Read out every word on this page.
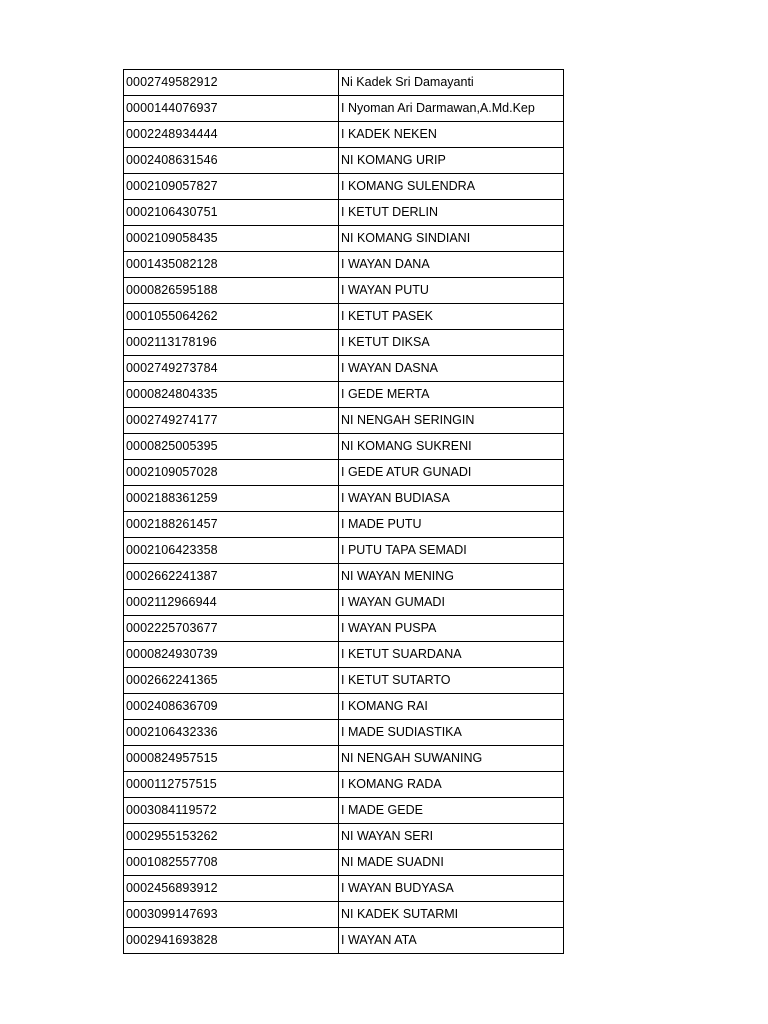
0002749582912	Ni Kadek Sri Damayanti
0000144076937	I Nyoman Ari Darmawan,A.Md.Kep
0002248934444	I KADEK NEKEN
0002408631546	NI KOMANG URIP
0002109057827	I KOMANG SULENDRA
0002106430751	I KETUT DERLIN
0002109058435	NI KOMANG SINDIANI
0001435082128	I WAYAN DANA
0000826595188	I WAYAN PUTU
0001055064262	I KETUT PASEK
0002113178196	I KETUT DIKSA
0002749273784	I WAYAN DASNA
0000824804335	I GEDE MERTA
0002749274177	NI NENGAH SERINGIN
0000825005395	NI KOMANG SUKRENI
0002109057028	I GEDE ATUR GUNADI
0002188361259	I WAYAN BUDIASA
0002188261457	I MADE PUTU
0002106423358	I PUTU TAPA SEMADI
0002662241387	NI WAYAN MENING
0002112966944	I WAYAN GUMADI
0002225703677	I WAYAN PUSPA
0000824930739	I KETUT SUARDANA
0002662241365	I KETUT SUTARTO
0002408636709	I KOMANG RAI
0002106432336	I MADE SUDIASTIKA
0000824957515	NI NENGAH SUWANING
0000112757515	I KOMANG RADA
0003084119572	I MADE GEDE
0002955153262	NI WAYAN SERI
0001082557708	NI MADE SUADNI
0002456893912	I WAYAN BUDYASA
0003099147693	NI KADEK SUTARMI
0002941693828	I WAYAN ATA
